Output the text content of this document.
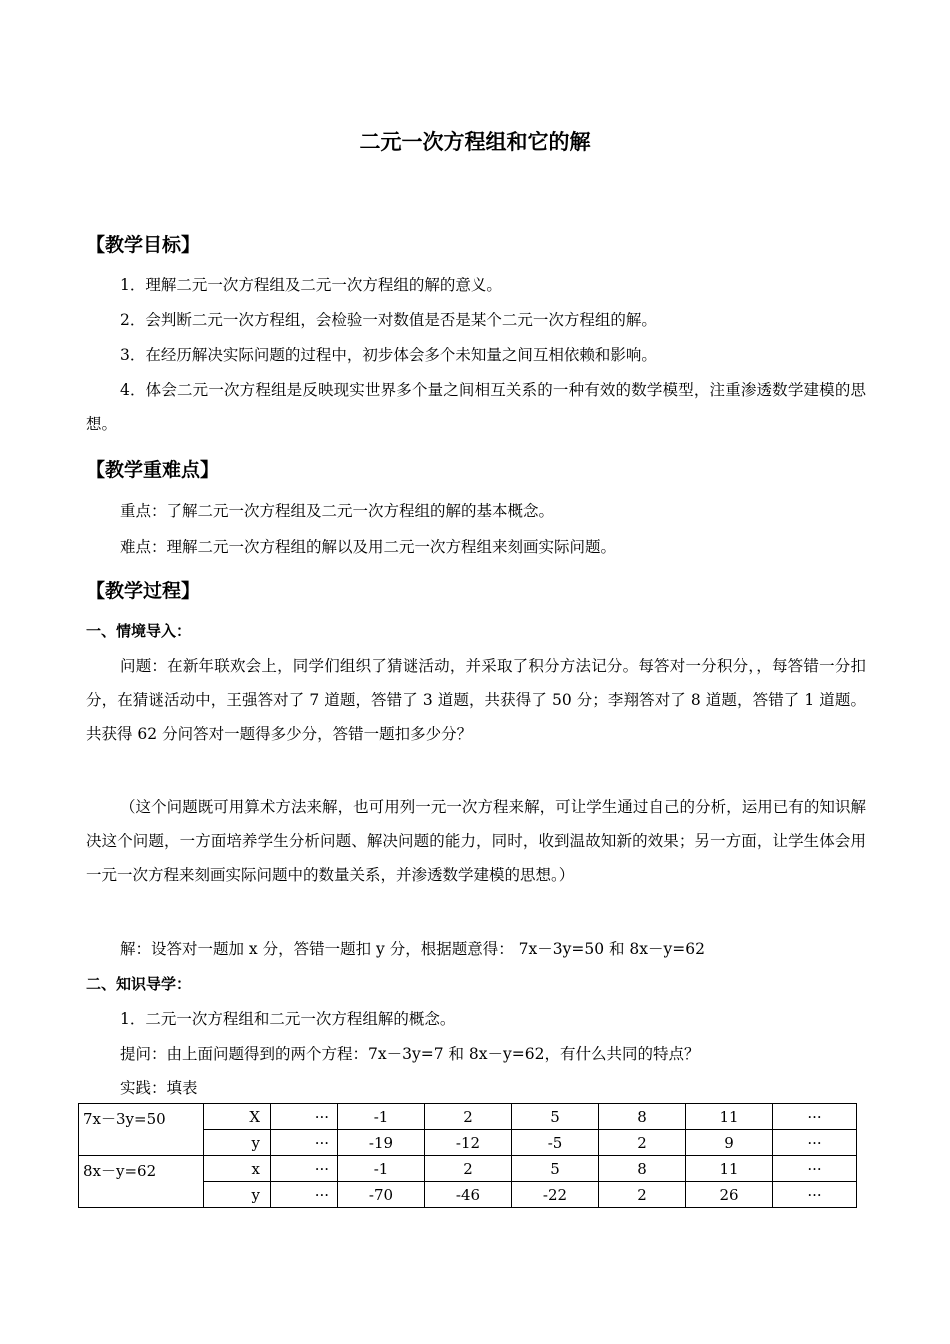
二元一次方程组和它的解
【教学目标】
1．理解二元一次方程组及二元一次方程组的解的意义。
2．会判断二元一次方程组，会检验一对数值是否是某个二元一次方程组的解。
3．在经历解决实际问题的过程中，初步体会多个未知量之间互相依赖和影响。
4．体会二元一次方程组是反映现实世界多个量之间相互关系的一种有效的数学模型，注重渗透数学建模的思想。
【教学重难点】
重点：了解二元一次方程组及二元一次方程组的解的基本概念。
难点：理解二元一次方程组的解以及用二元一次方程组来刻画实际问题。
【教学过程】
一、情境导入：
问题：在新年联欢会上，同学们组织了猜谜活动，并采取了积分方法记分。每答对一分积分，，每答错一分扣分，在猜谜活动中，王强答对了 7 道题，答错了 3 道题，共获得了 50 分；李翔答对了 8 道题，答错了 1 道题。共获得 62 分问答对一题得多少分，答错一题扣多少分？
（这个问题既可用算术方法来解，也可用列一元一次方程来解，可让学生通过自己的分析，运用已有的知识解决这个问题，一方面培养学生分析问题、解决问题的能力，同时，收到温故知新的效果；另一方面，让学生体会用一元一次方程来刻画实际问题中的数量关系，并渗透数学建模的思想。）
解：设答对一题加 x 分，答错一题扣 y 分，根据题意得： 7x－3y=50 和 8x－y=62
二、知识导学：
1．二元一次方程组和二元一次方程组解的概念。
提问：由上面问题得到的两个方程：7x－3y=7 和 8x－y=62，有什么共同的特点？
实践：填表
7x－3y=50	X	···	-1	2	5	8	11	···
	y	···	-19	-12	-5	2	9	···
8x－y=62	x	···	-1	2	5	8	11	···
	y	···	-70	-46	-22	2	26	···
